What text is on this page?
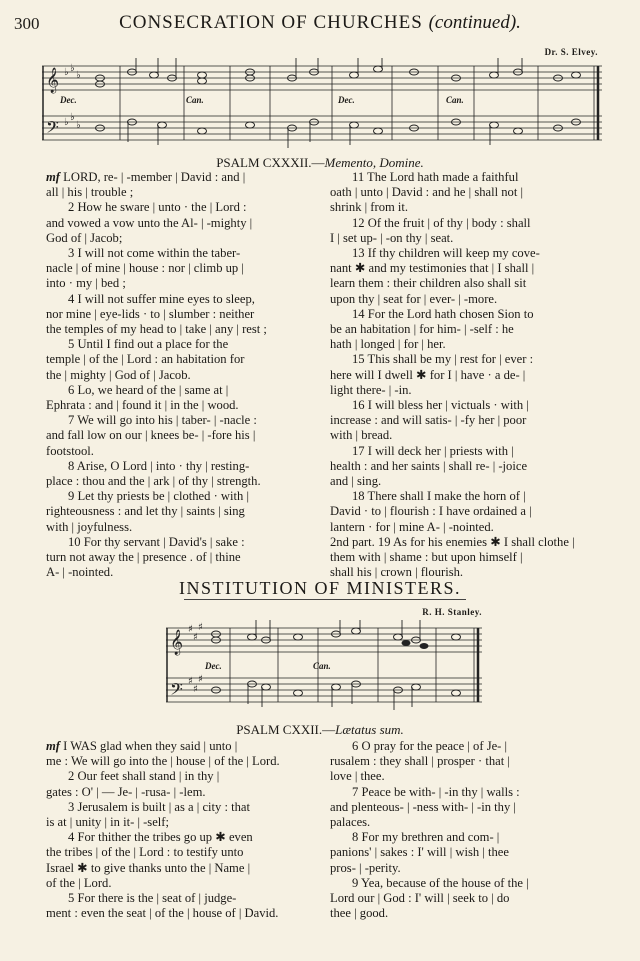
300	CONSECRATION OF CHURCHES (continued).
Dr. S. Elvey.
𝄞
𝄢
♭ ♭
♭
♭ ♭
♭
Dec.	Can.	Dec.	Can.
PSALM CXXXII.—Memento, Domine.

mf LORD, re- | -member | David : and |

all | his | trouble ;

2 How he sware | unto · the | Lord :

and vowed a vow unto the Al- | -mighty |

God of | Jacob;

3 I will not come within the taber-

nacle | of mine | house : nor | climb up |

into · my | bed ;

4 I will not suffer mine eyes to sleep,

nor mine | eye-lids · to | slumber : neither

the temples of my head to | take | any | rest ;

5 Until I find out a place for the

temple | of the | Lord : an habitation for

the | mighty | God of | Jacob.

6 Lo, we heard of the | same at |

Ephrata : and | found it | in the | wood.

7 We will go into his | taber- | -nacle :

and fall low on our | knees be- | -fore his |

footstool.

8 Arise, O Lord | into · thy | resting-

place : thou and the | ark | of thy | strength.

9 Let thy priests be | clothed · with |

righteousness : and let thy | saints | sing

with | joyfulness.

10 For thy servant | David's | sake :

turn not away the | presence . of | thine

A- | -nointed.

11 The Lord hath made a faithful

oath | unto | David : and he | shall not |

shrink | from it.

12 Of the fruit | of thy | body : shall

I | set up- | -on thy | seat.

13 If thy children will keep my cove-

nant ✱ and my testimonies that | I shall |

learn them : their children also shall sit

upon thy | seat for | ever- | -more.

14 For the Lord hath chosen Sion to

be an habitation | for him- | -self : he

hath | longed | for | her.

15 This shall be my | rest for | ever :

here will I dwell ✱ for I | have · a de- |

light there- | -in.

16 I will bless her | victuals · with |

increase : and will satis- | -fy her | poor

with | bread.

17 I will deck her | priests with |

health : and her saints | shall re- | -joice

and | sing.

18 There shall I make the horn of |

David · to | flourish : I have ordained a |

lantern · for | mine A- | -nointed.

2nd part. 19 As for his enemies ✱ I shall clothe |

them with | shame : but upon himself |

shall his | crown | flourish.

INSTITUTION OF MINISTERS.
R. H. Stanley.
𝄞
𝄢
♯
♯
♯
♯
♯
♯
Dec.	Can.
PSALM CXXII.—Lætatus sum.

mf I WAS glad when they said | unto |

me : We will go into the | house | of the | Lord.

2 Our feet shall stand | in thy |

gates : O' | — Je- | -rusa- | -lem.

3 Jerusalem is built | as a | city : that

is at | unity | in it- | -self;

4 For thither the tribes go up ✱ even

the tribes | of the | Lord : to testify unto

Israel ✱ to give thanks unto the | Name |

of the | Lord.

5 For there is the | seat of | judge-

ment : even the seat | of the | house of | David.

6 O pray for the peace | of Je- |

rusalem : they shall | prosper · that |

love | thee.

7 Peace be with- | -in thy | walls :

and plenteous- | -ness with- | -in thy |

palaces.

8 For my brethren and com- |

panions' | sakes : I' will | wish | thee

pros- | -perity.

9 Yea, because of the house of the |

Lord our | God : I' will | seek to | do

thee | good.
